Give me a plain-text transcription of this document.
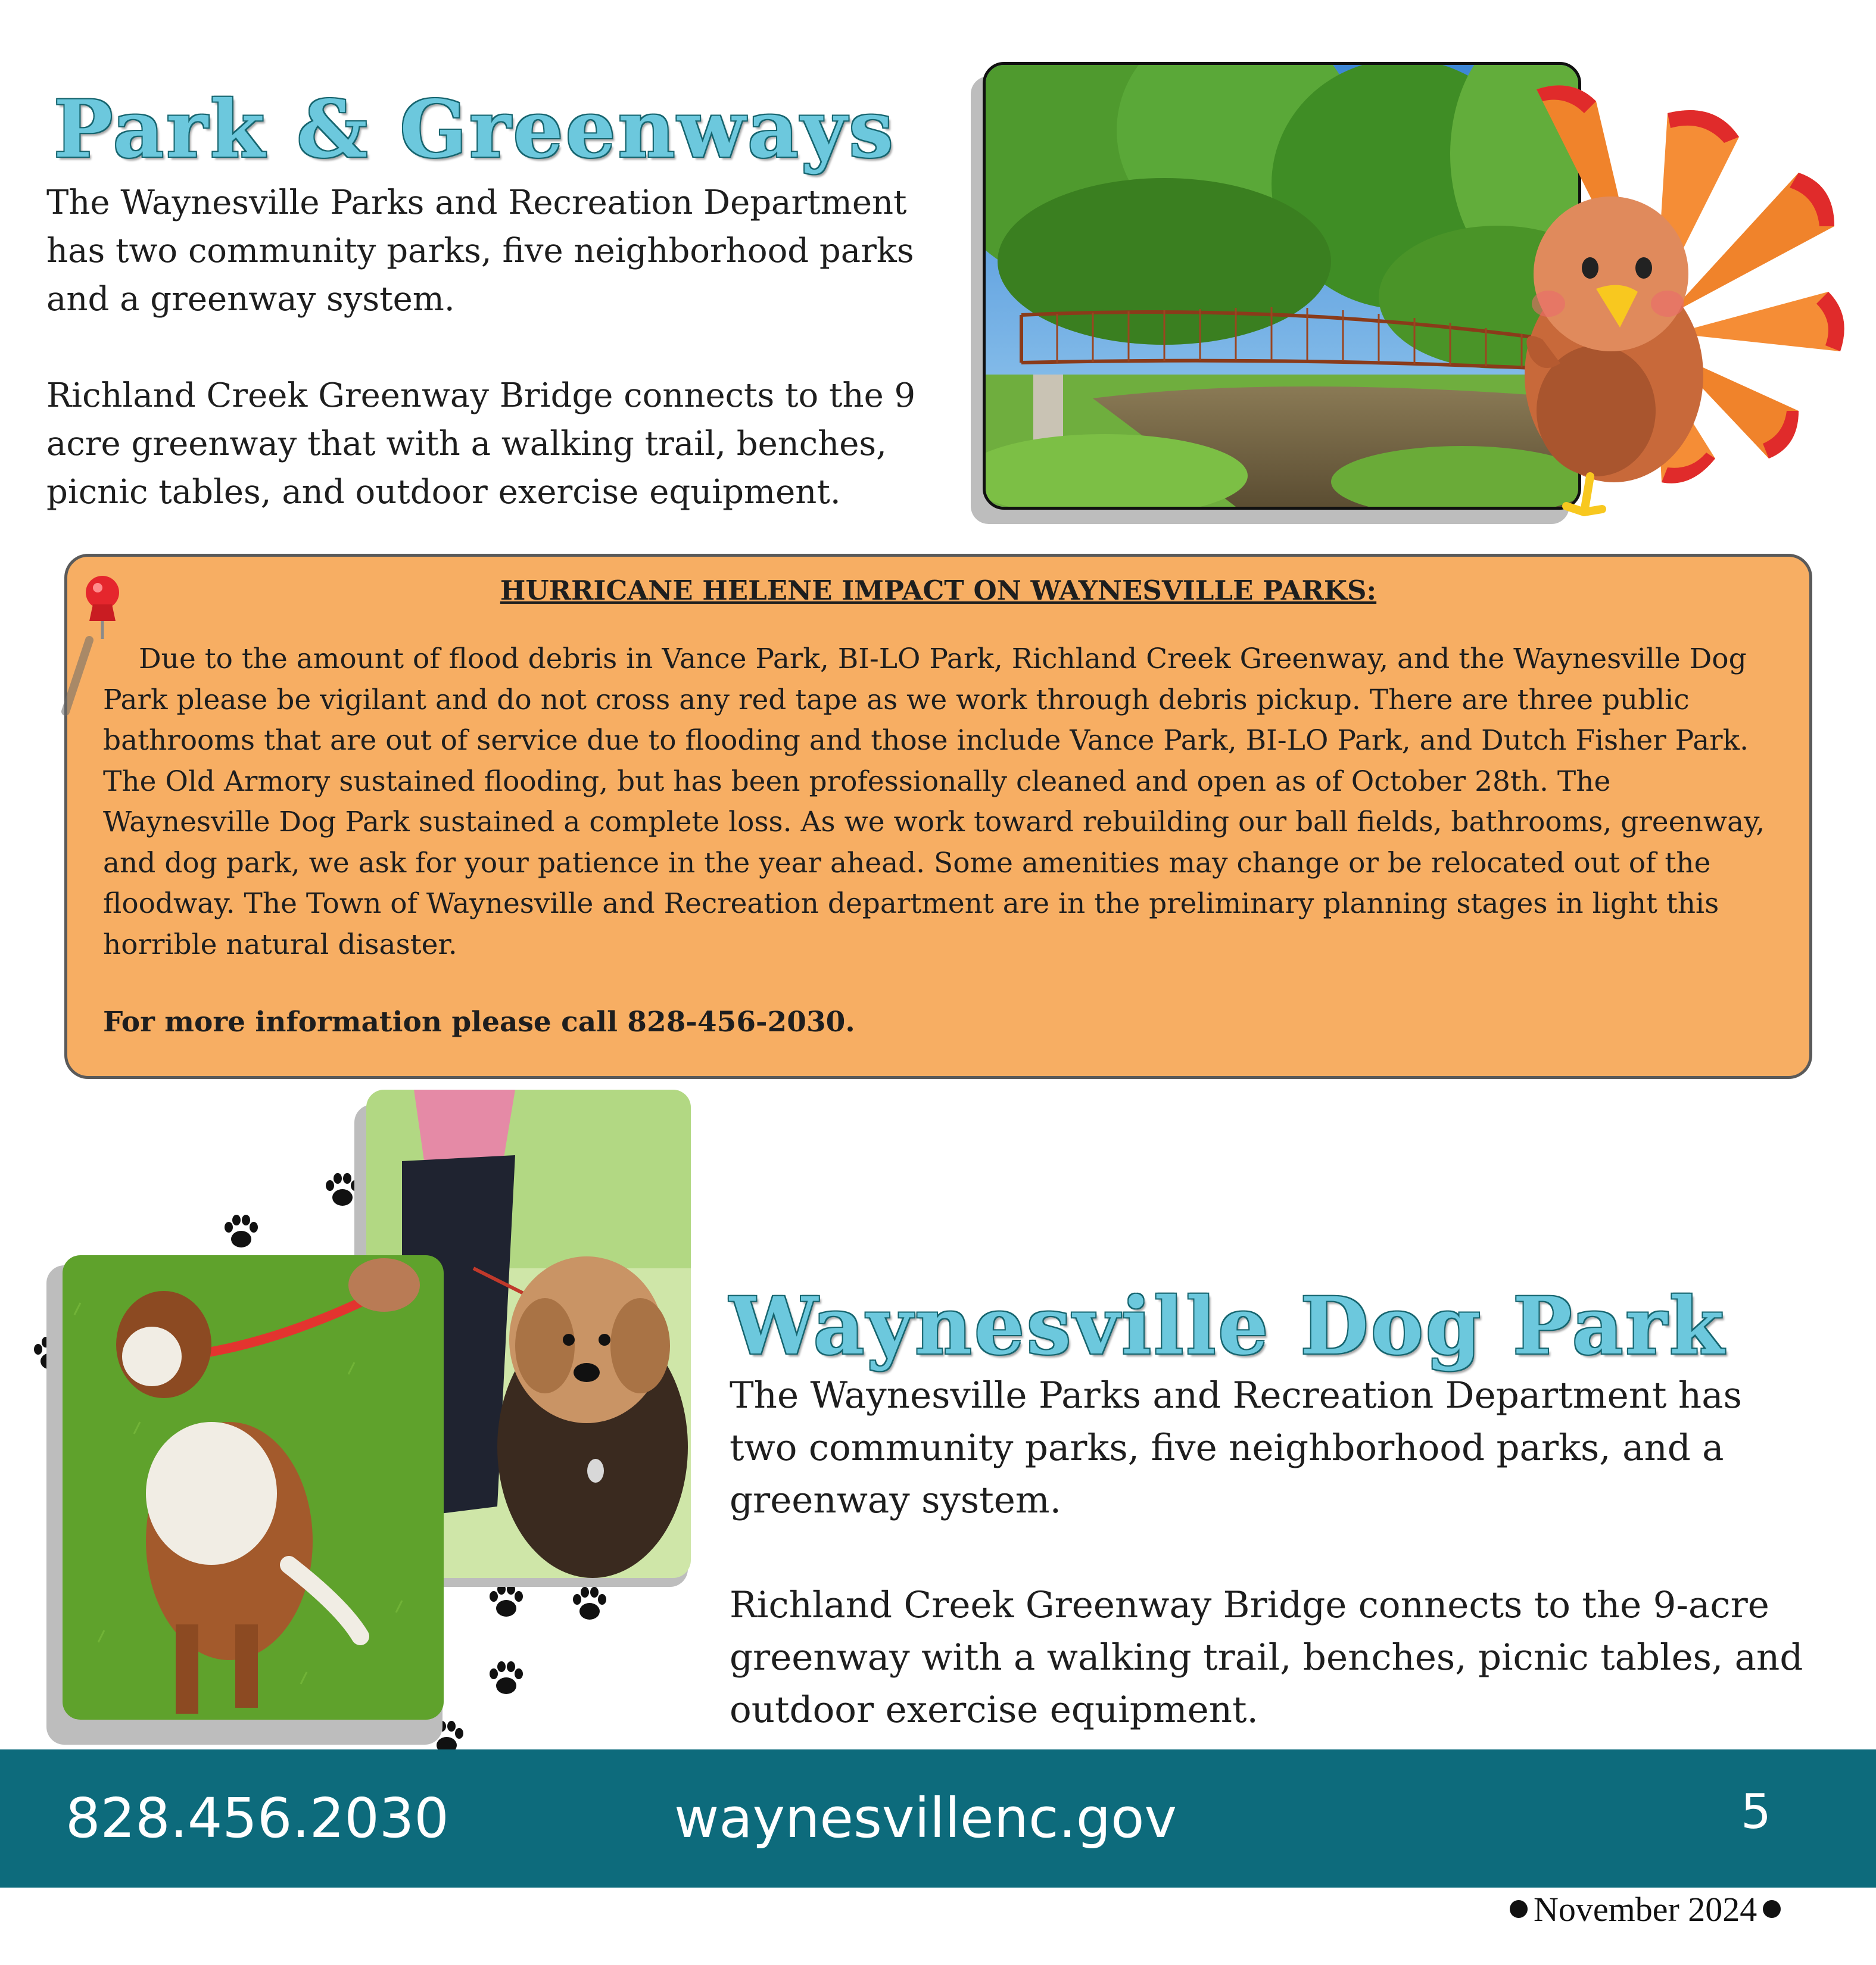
Park & Greenways

The Waynesville Parks and Recreation Department has two community parks, five neighborhood parks and a greenway system.

Richland Creek Greenway Bridge connects to the 9 acre greenway that with a walking trail, benches, picnic tables, and outdoor exercise equipment.

HURRICANE HELENE IMPACT ON WAYNESVILLE PARKS:

Due to the amount of flood debris in Vance Park, BI-LO Park, Richland Creek Greenway, and the Waynesville Dog Park please be vigilant and do not cross any red tape as we work through debris pickup. There are three public bathrooms that are out of service due to flooding and those include Vance Park, BI-LO Park, and Dutch Fisher Park. The Old Armory sustained flooding, but has been professionally cleaned and open as of October 28th. The Waynesville Dog Park sustained a complete loss. As we work toward rebuilding our ball fields, bathrooms, greenway, and dog park, we ask for your patience in the year ahead. Some amenities may change or be relocated out of the floodway. The Town of Waynesville and Recreation department are in the preliminary planning stages in light this horrible natural disaster.

For more information please call 828-456-2030.
Waynesville Dog Park

The Waynesville Parks and Recreation Department has two community parks, five neighborhood parks, and a greenway system.

Richland Creek Greenway Bridge connects to the 9-acre greenway with a walking trail, benches, picnic tables, and outdoor exercise equipment.

828.456.2030	waynesvillenc.gov	5
November 2024
